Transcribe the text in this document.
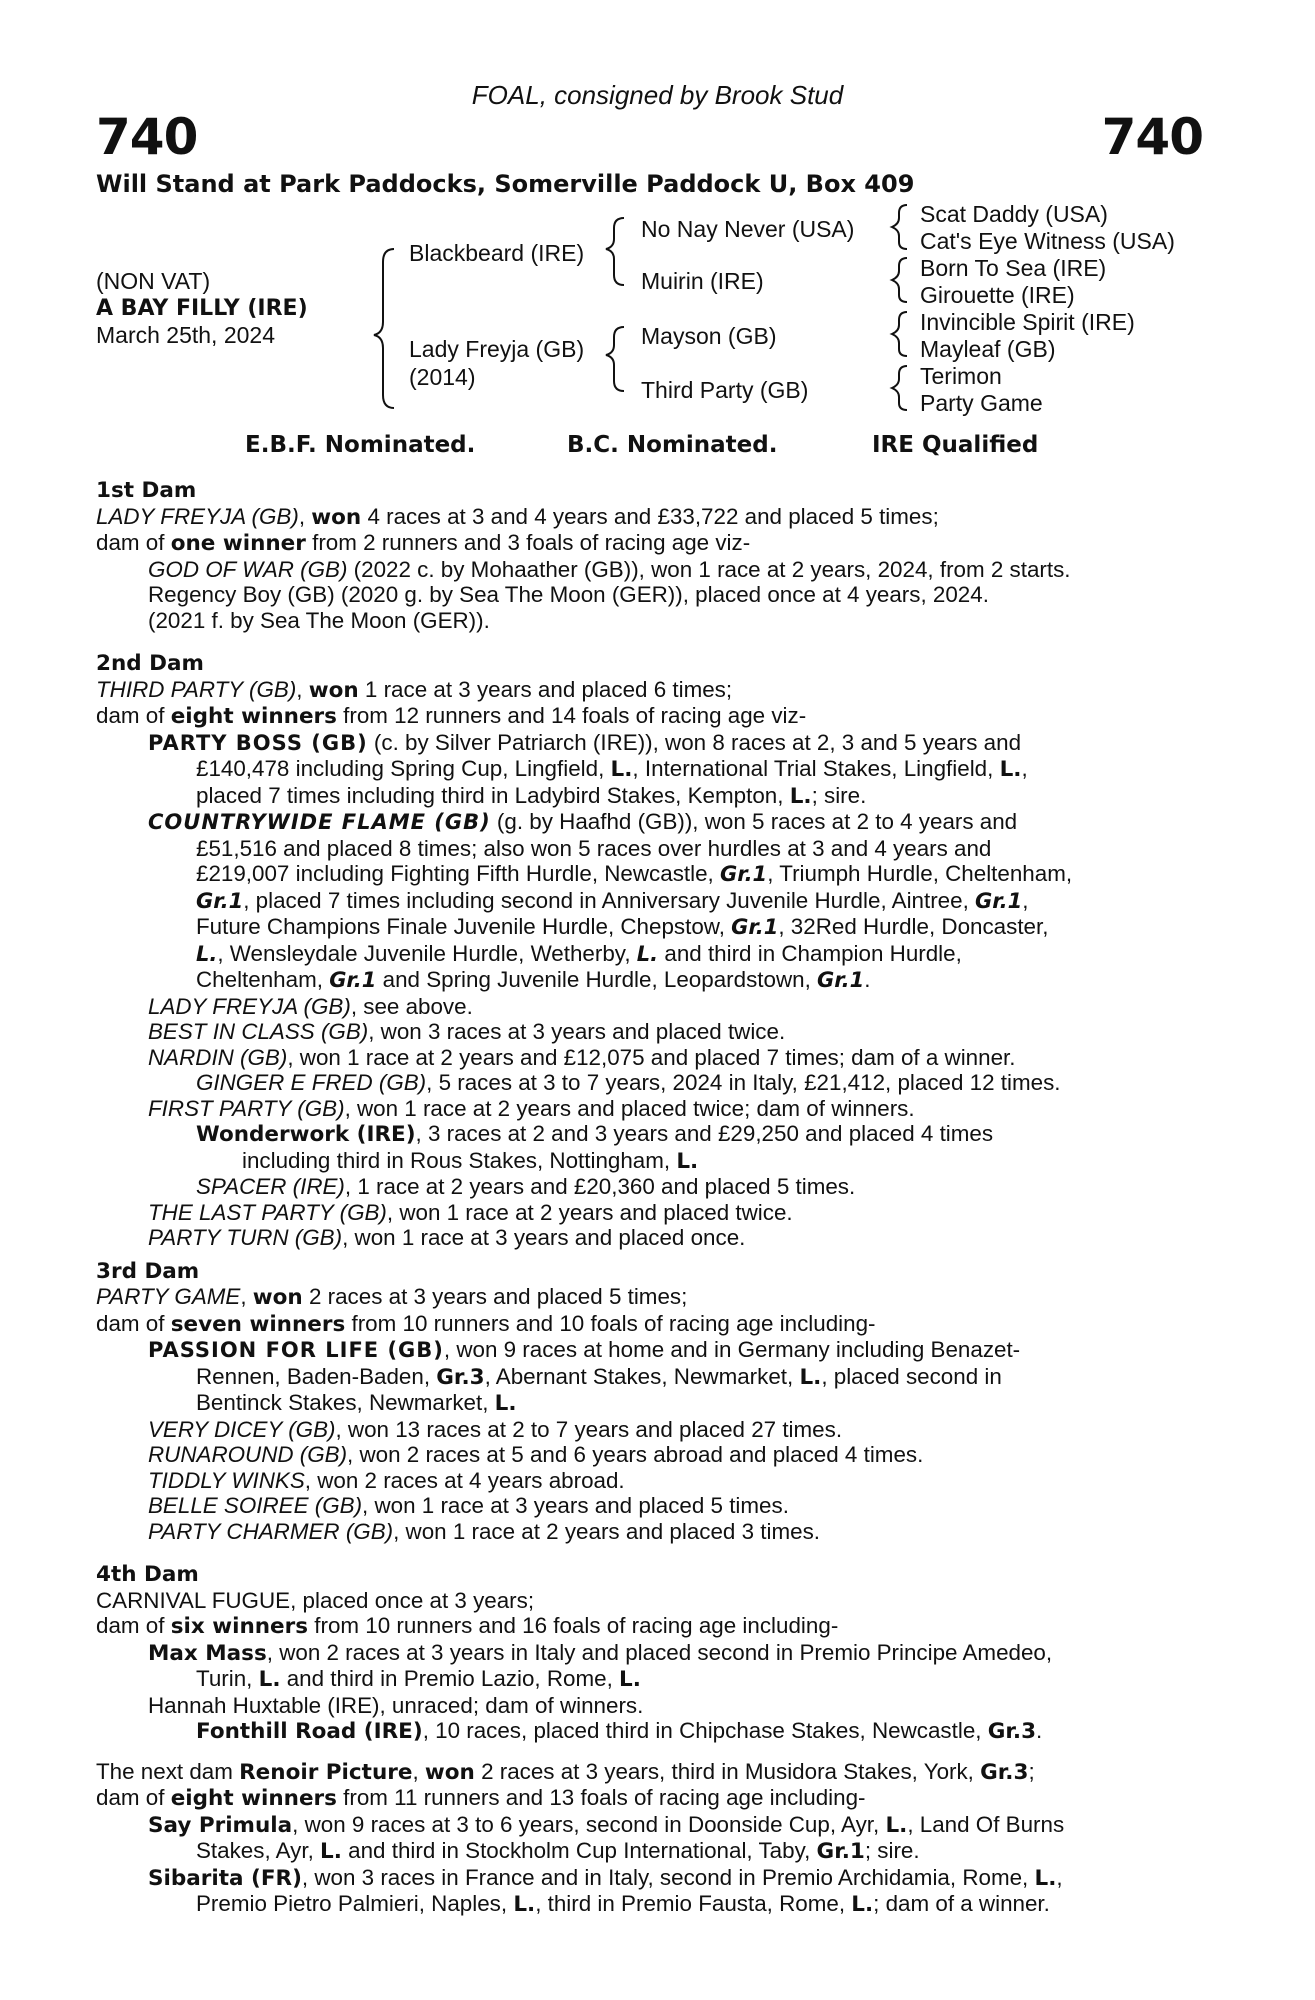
FOAL, consigned by Brook Stud
740	740
Will Stand at Park Paddocks, Somerville Paddock U, Box 409
(NON VAT)
A BAY FILLY (IRE)
March 25th, 2024
Blackbeard (IRE)
Lady Freyja (GB)
(2014)
No Nay Never (USA)
Muirin (IRE)
Mayson (GB)
Third Party (GB)
Scat Daddy (USA)
Cat's Eye Witness (USA)
Born To Sea (IRE)
Girouette (IRE)
Invincible Spirit (IRE)
Mayleaf (GB)
Terimon
Party Game
E.B.F. Nominated.	B.C. Nominated.	IRE Qualified
1st Dam
LADY FREYJA (GB), won 4 races at 3 and 4 years and £33,722 and placed 5 times;
dam of one winner from 2 runners and 3 foals of racing age viz-
GOD OF WAR (GB) (2022 c. by Mohaather (GB)), won 1 race at 2 years, 2024, from 2 starts.
Regency Boy (GB) (2020 g. by Sea The Moon (GER)), placed once at 4 years, 2024.
(2021 f. by Sea The Moon (GER)).
2nd Dam
THIRD PARTY (GB), won 1 race at 3 years and placed 6 times;
dam of eight winners from 12 runners and 14 foals of racing age viz-
PARTY BOSS (GB) (c. by Silver Patriarch (IRE)), won 8 races at 2, 3 and 5 years and
£140,478 including Spring Cup, Lingfield, L., International Trial Stakes, Lingfield, L.,
placed 7 times including third in Ladybird Stakes, Kempton, L.; sire.
COUNTRYWIDE FLAME (GB) (g. by Haafhd (GB)), won 5 races at 2 to 4 years and
£51,516 and placed 8 times; also won 5 races over hurdles at 3 and 4 years and
£219,007 including Fighting Fifth Hurdle, Newcastle, Gr.1, Triumph Hurdle, Cheltenham,
Gr.1, placed 7 times including second in Anniversary Juvenile Hurdle, Aintree, Gr.1,
Future Champions Finale Juvenile Hurdle, Chepstow, Gr.1, 32Red Hurdle, Doncaster,
L., Wensleydale Juvenile Hurdle, Wetherby, L. and third in Champion Hurdle,
Cheltenham, Gr.1 and Spring Juvenile Hurdle, Leopardstown, Gr.1.
LADY FREYJA (GB), see above.
BEST IN CLASS (GB), won 3 races at 3 years and placed twice.
NARDIN (GB), won 1 race at 2 years and £12,075 and placed 7 times; dam of a winner.
GINGER E FRED (GB), 5 races at 3 to 7 years, 2024 in Italy, £21,412, placed 12 times.
FIRST PARTY (GB), won 1 race at 2 years and placed twice; dam of winners.
Wonderwork (IRE), 3 races at 2 and 3 years and £29,250 and placed 4 times
including third in Rous Stakes, Nottingham, L.
SPACER (IRE), 1 race at 2 years and £20,360 and placed 5 times.
THE LAST PARTY (GB), won 1 race at 2 years and placed twice.
PARTY TURN (GB), won 1 race at 3 years and placed once.
3rd Dam
PARTY GAME, won 2 races at 3 years and placed 5 times;
dam of seven winners from 10 runners and 10 foals of racing age including-
PASSION FOR LIFE (GB), won 9 races at home and in Germany including Benazet-
Rennen, Baden-Baden, Gr.3, Abernant Stakes, Newmarket, L., placed second in
Bentinck Stakes, Newmarket, L.
VERY DICEY (GB), won 13 races at 2 to 7 years and placed 27 times.
RUNAROUND (GB), won 2 races at 5 and 6 years abroad and placed 4 times.
TIDDLY WINKS, won 2 races at 4 years abroad.
BELLE SOIREE (GB), won 1 race at 3 years and placed 5 times.
PARTY CHARMER (GB), won 1 race at 2 years and placed 3 times.
4th Dam
CARNIVAL FUGUE, placed once at 3 years;
dam of six winners from 10 runners and 16 foals of racing age including-
Max Mass, won 2 races at 3 years in Italy and placed second in Premio Principe Amedeo,
Turin, L. and third in Premio Lazio, Rome, L.
Hannah Huxtable (IRE), unraced; dam of winners.
Fonthill Road (IRE), 10 races, placed third in Chipchase Stakes, Newcastle, Gr.3.
The next dam Renoir Picture, won 2 races at 3 years, third in Musidora Stakes, York, Gr.3;
dam of eight winners from 11 runners and 13 foals of racing age including-
Say Primula, won 9 races at 3 to 6 years, second in Doonside Cup, Ayr, L., Land Of Burns
Stakes, Ayr, L. and third in Stockholm Cup International, Taby, Gr.1; sire.
Sibarita (FR), won 3 races in France and in Italy, second in Premio Archidamia, Rome, L.,
Premio Pietro Palmieri, Naples, L., third in Premio Fausta, Rome, L.; dam of a winner.
